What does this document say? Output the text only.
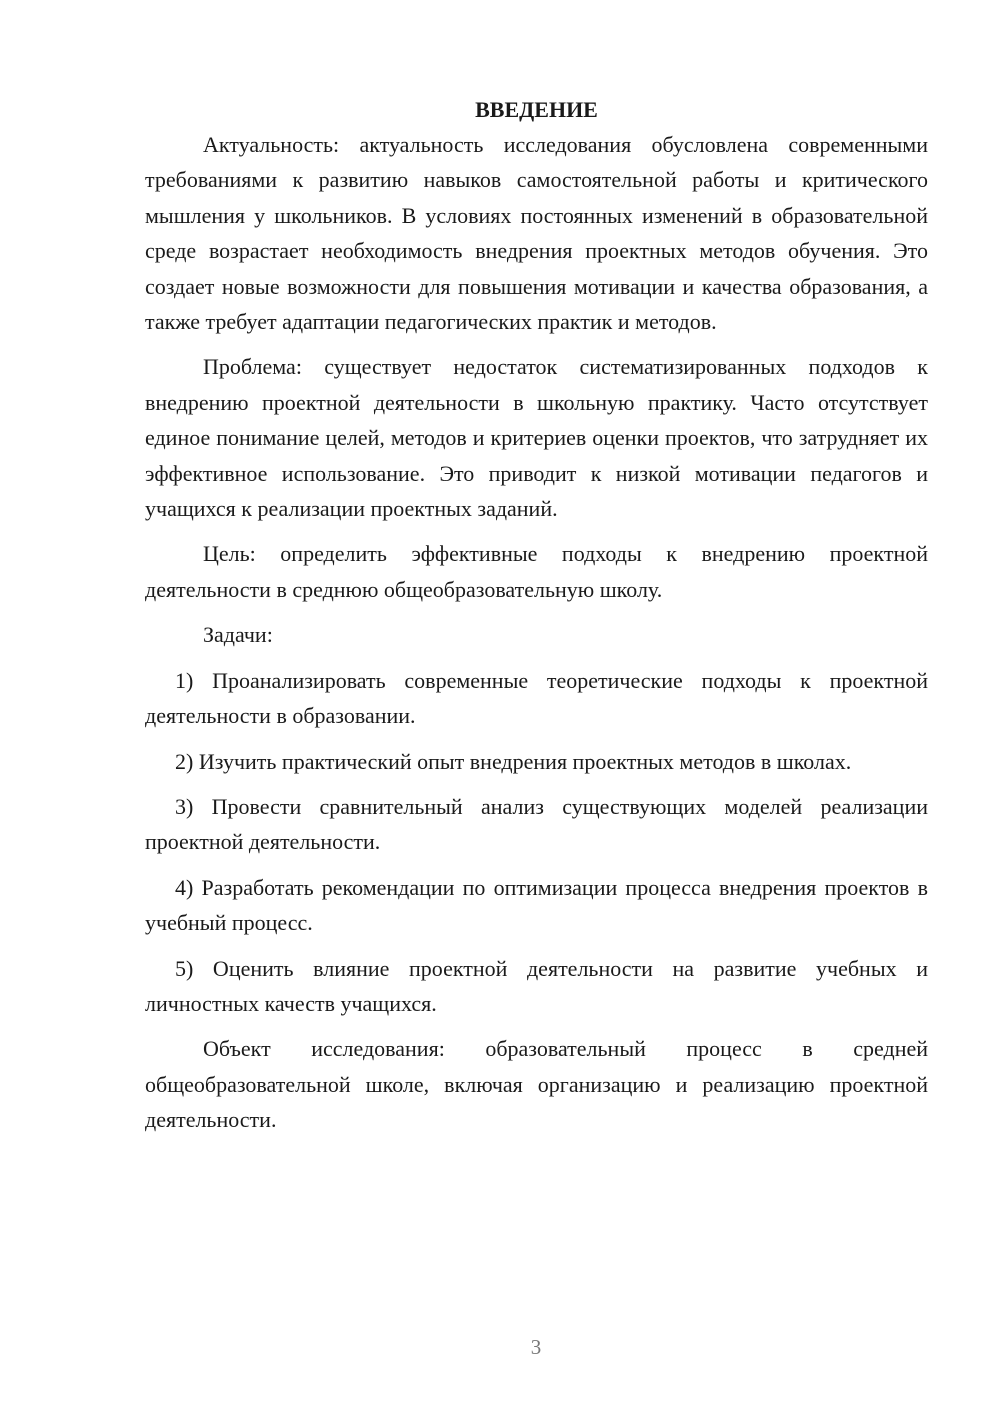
ВВЕДЕНИЕ

Актуальность: актуальность исследования обусловлена современными требованиями к развитию навыков самостоятельной работы и критического мышления у школьников. В условиях постоянных изменений в образовательной среде возрастает необходимость внедрения проектных методов обучения. Это создает новые возможности для повышения мотивации и качества образования, а также требует адаптации педагогических практик и методов.

Проблема: существует недостаток систематизированных подходов к внедрению проектной деятельности в школьную практику. Часто отсутствует единое понимание целей, методов и критериев оценки проектов, что затрудняет их эффективное использование. Это приводит к низкой мотивации педагогов и учащихся к реализации проектных заданий.

Цель: определить эффективные подходы к внедрению проектной деятельности в среднюю общеобразовательную школу.

Задачи:

1) Проанализировать современные теоретические подходы к проектной деятельности в образовании.

2) Изучить практический опыт внедрения проектных методов в школах.

3) Провести сравнительный анализ существующих моделей реализации проектной деятельности.

4) Разработать рекомендации по оптимизации процесса внедрения проектов в учебный процесс.

5) Оценить влияние проектной деятельности на развитие учебных и личностных качеств учащихся.

Объект исследования: образовательный процесс в средней общеобразовательной школе, включая организацию и реализацию проектной деятельности.

3
